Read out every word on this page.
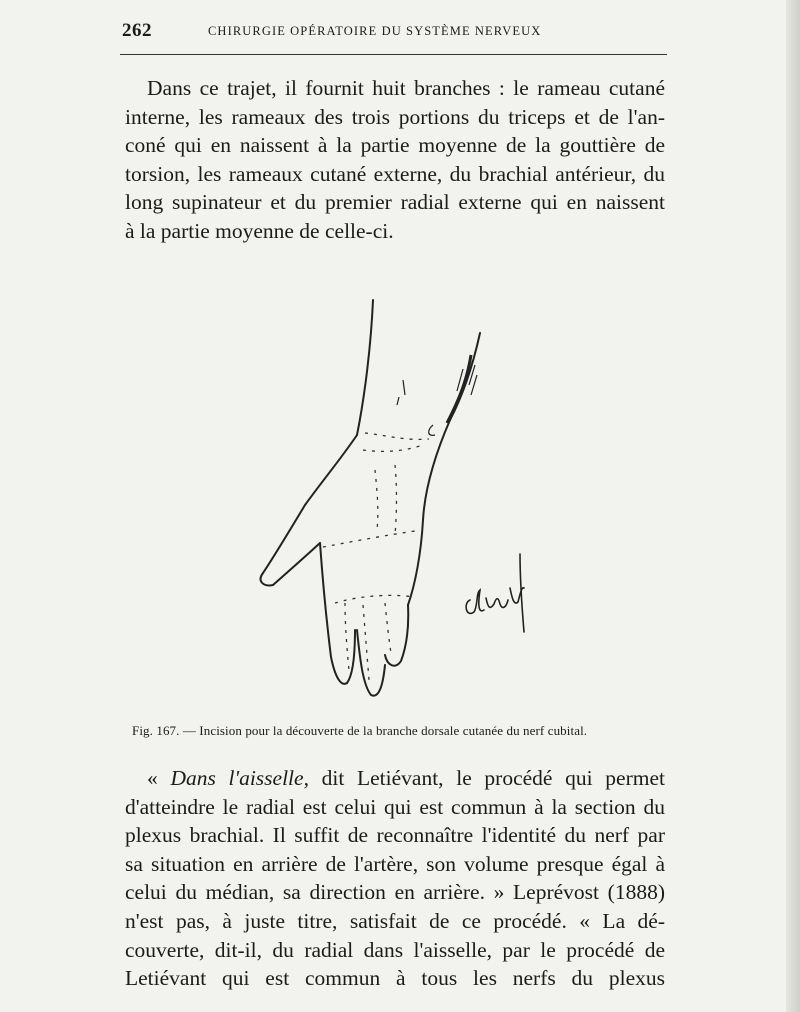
262	CHIRURGIE OPÉRATOIRE DU SYSTÈME NERVEUX
Dans ce trajet, il fournit huit branches : le rameau cutané
interne, les rameaux des trois portions du triceps et de l'an-
coné qui en naissent à la partie moyenne de la gouttière de
torsion, les rameaux cutané externe, du brachial antérieur, du
long supinateur et du premier radial externe qui en naissent
à la partie moyenne de celle-ci.
Fig. 167. — Incision pour la découverte de la branche dorsale cutanée du nerf cubital.
« Dans l'aisselle, dit Letiévant, le procédé qui permet
d'atteindre le radial est celui qui est commun à la section du
plexus brachial. Il suffit de reconnaître l'identité du nerf par
sa situation en arrière de l'artère, son volume presque égal à
celui du médian, sa direction en arrière. » Leprévost (1888)
n'est pas, à juste titre, satisfait de ce procédé. « La dé-
couverte, dit-il, du radial dans l'aisselle, par le procédé de
Letiévant qui est commun à tous les nerfs du plexus
